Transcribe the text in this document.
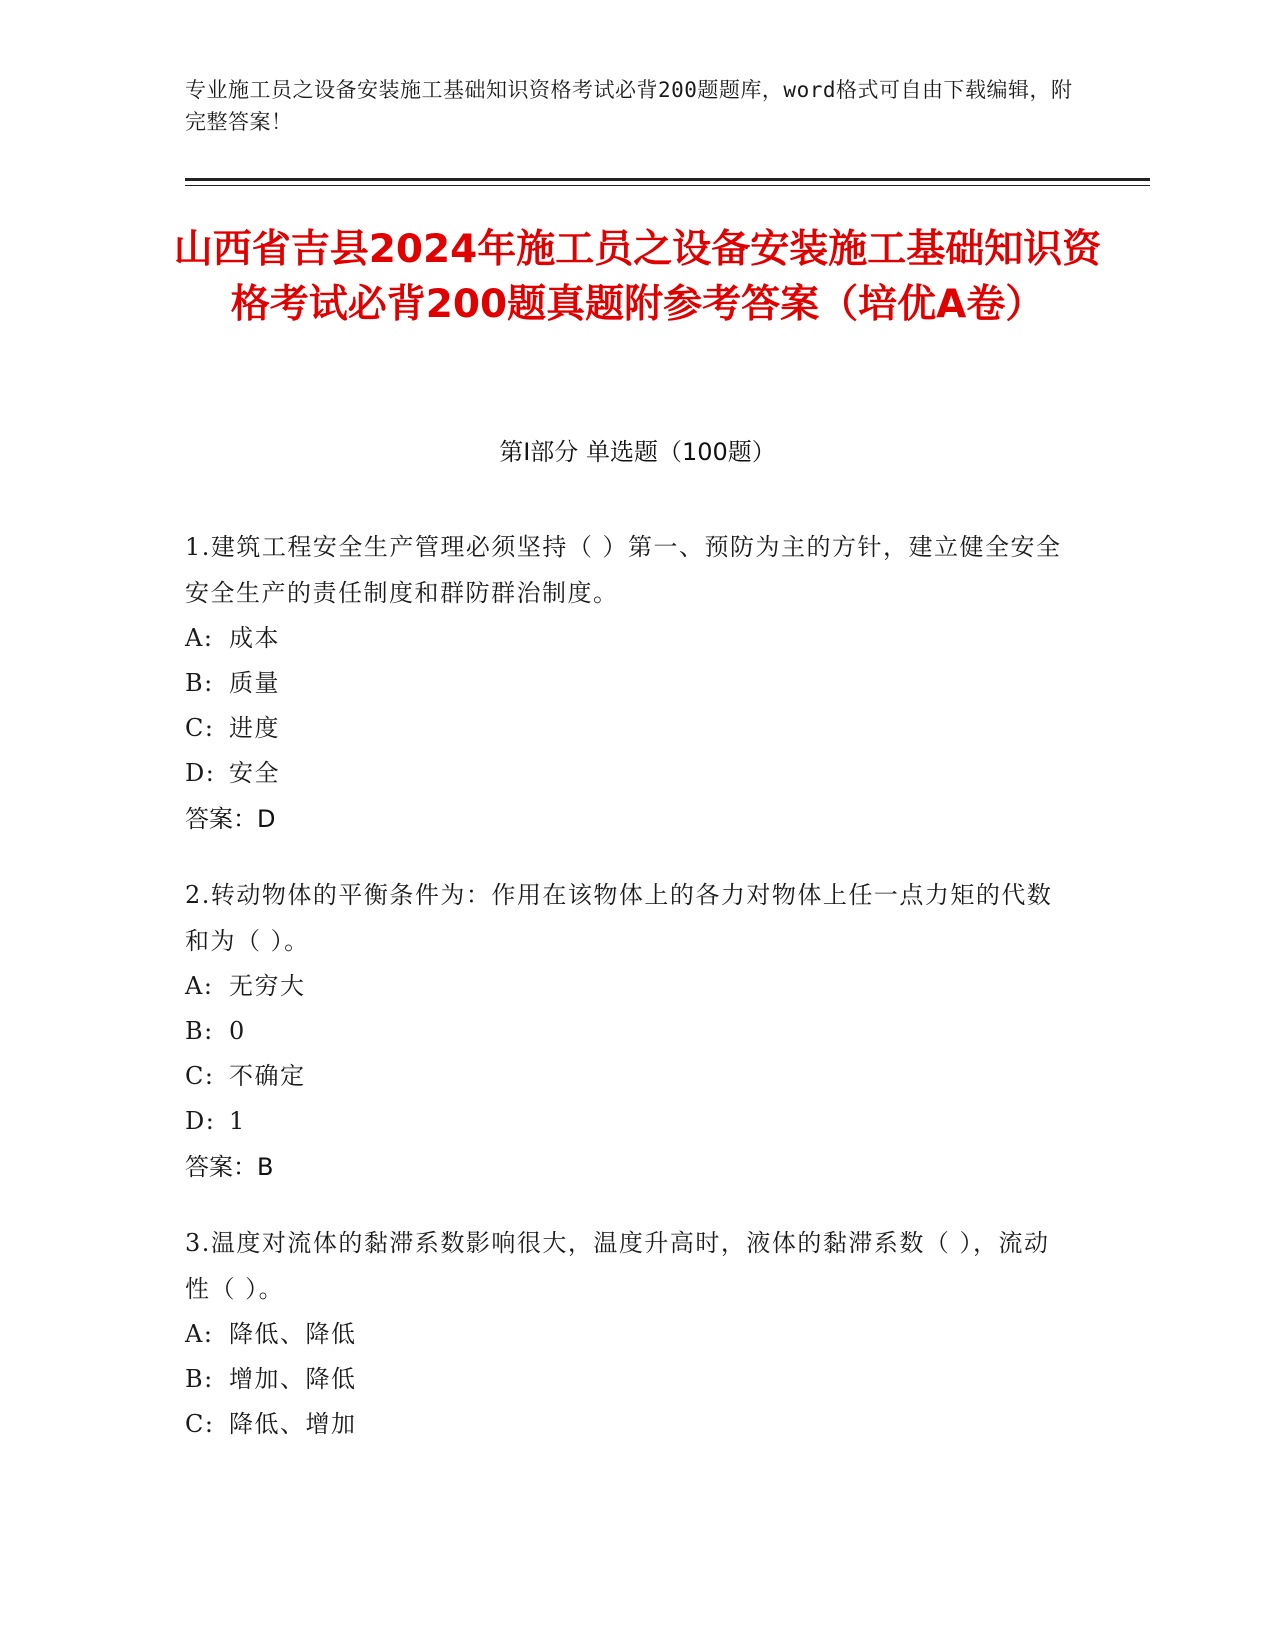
专业施工员之设备安装施工基础知识资格考试必背200题题库，word格式可自由下载编辑，附完整答案！
山西省吉县2024年施工员之设备安装施工基础知识资格考试必背200题真题附参考答案（培优A卷）
第I部分 单选题（100题）
1.建筑工程安全生产管理必须坚持（ ）第一、预防为主的方针，建立健全安全安全生产的责任制度和群防群治制度。
A: 成本
B: 质量
C: 进度
D: 安全
答案：D
2.转动物体的平衡条件为：作用在该物体上的各力对物体上任一点力矩的代数和为（ ）。
A: 无穷大
B: 0
C: 不确定
D: 1
答案：B
3.温度对流体的黏滞系数影响很大，温度升高时，液体的黏滞系数（ ），流动性（ ）。
A: 降低、降低
B: 增加、降低
C: 降低、增加
